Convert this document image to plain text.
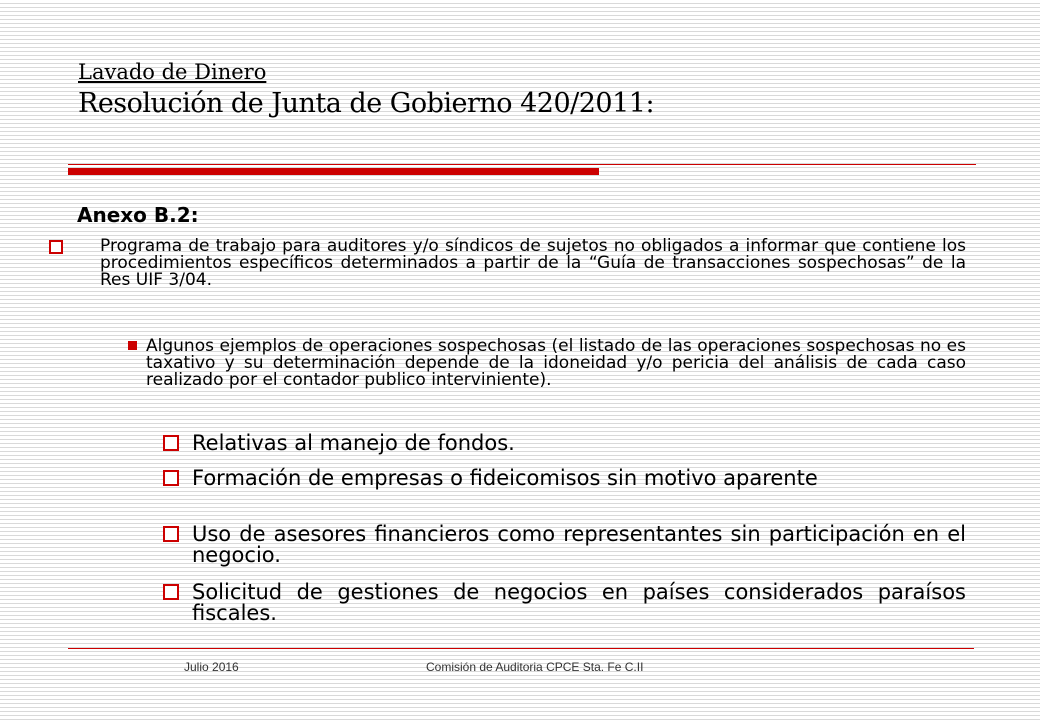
Lavado de Dinero
Resolución de Junta de Gobierno 420/2011:
Anexo B.2:
Programa de trabajo para auditores y/o síndicos de sujetos no obligados a informar que contiene los procedimientos específicos determinados a partir de la “Guía de transacciones sospechosas” de la Res UIF 3/04.
Algunos ejemplos de operaciones sospechosas (el listado de las operaciones sospechosas no es taxativo y su determinación depende de la idoneidad y/o pericia del análisis de cada caso realizado por el contador publico interviniente).
Relativas al manejo de fondos.
Formación de empresas o fideicomisos sin motivo aparente
Uso de asesores financieros como representantes sin participación en el negocio.
Solicitud de gestiones de negocios en países considerados paraísos fiscales.
Julio 2016	Comisión de Auditoria CPCE Sta. Fe C.II
